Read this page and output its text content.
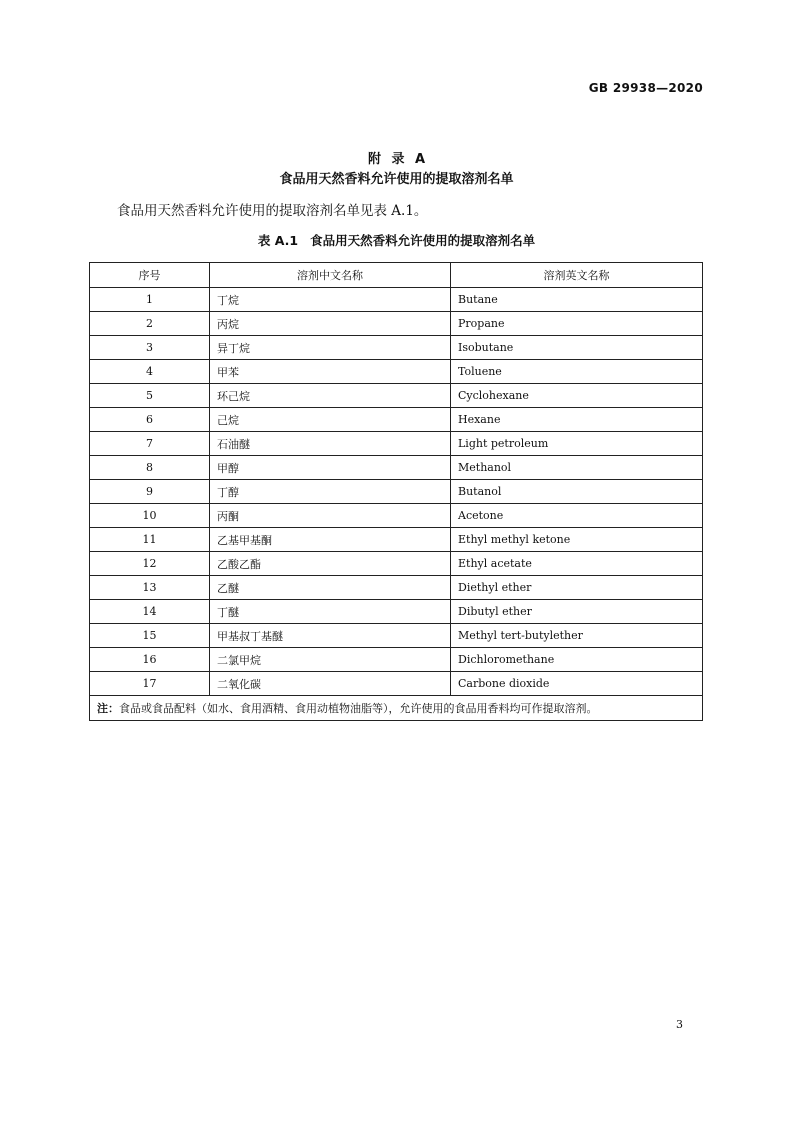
GB 29938—2020
附 录 A
食品用天然香料允许使用的提取溶剂名单
食品用天然香料允许使用的提取溶剂名单见表 A.1。
表 A.1 食品用天然香料允许使用的提取溶剂名单
序号	溶剂中文名称	溶剂英文名称
1	丁烷	Butane
2	丙烷	Propane
3	异丁烷	Isobutane
4	甲苯	Toluene
5	环己烷	Cyclohexane
6	己烷	Hexane
7	石油醚	Light petroleum
8	甲醇	Methanol
9	丁醇	Butanol
10	丙酮	Acetone
11	乙基甲基酮	Ethyl methyl ketone
12	乙酸乙酯	Ethyl acetate
13	乙醚	Diethyl ether
14	丁醚	Dibutyl ether
15	甲基叔丁基醚	Methyl tert-butylether
16	二氯甲烷	Dichloromethane
17	二氧化碳	Carbone dioxide
注：食品或食品配料（如水、食用酒精、食用动植物油脂等），允许使用的食品用香料均可作提取溶剂。		
3
